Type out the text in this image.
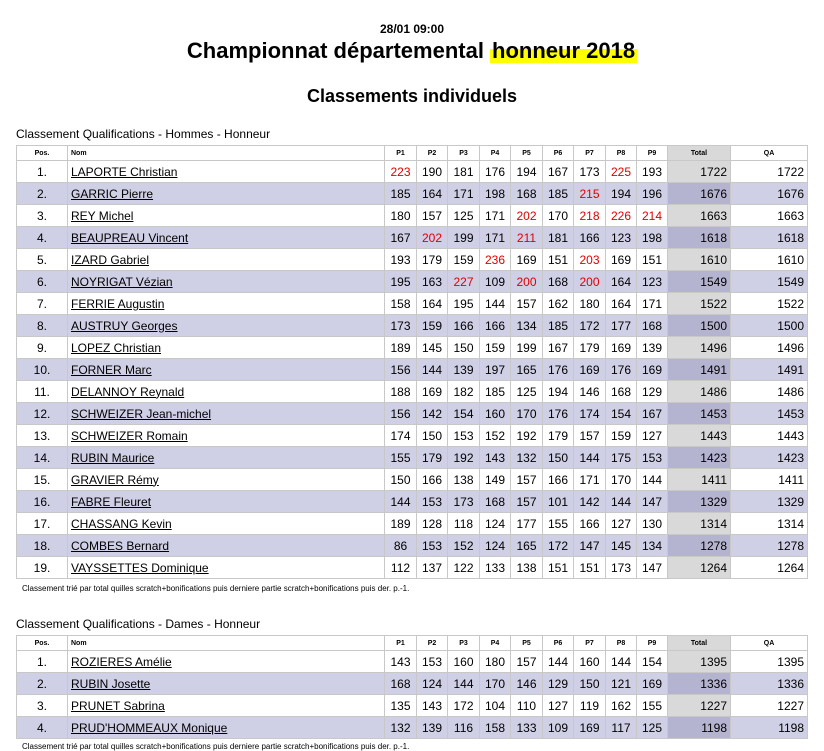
28/01 09:00
Championnat départemental honneur 2018
Classements individuels
Classement Qualifications - Hommes - Honneur
Pos.	Nom	P1	P2	P3	P4	P5	P6	P7	P8	P9	Total	QA
1.	LAPORTE Christian	223	190	181	176	194	167	173	225	193	1722	1722
2.	GARRIC Pierre	185	164	171	198	168	185	215	194	196	1676	1676
3.	REY Michel	180	157	125	171	202	170	218	226	214	1663	1663
4.	BEAUPREAU Vincent	167	202	199	171	211	181	166	123	198	1618	1618
5.	IZARD Gabriel	193	179	159	236	169	151	203	169	151	1610	1610
6.	NOYRIGAT Vézian	195	163	227	109	200	168	200	164	123	1549	1549
7.	FERRIE Augustin	158	164	195	144	157	162	180	164	171	1522	1522
8.	AUSTRUY Georges	173	159	166	166	134	185	172	177	168	1500	1500
9.	LOPEZ Christian	189	145	150	159	199	167	179	169	139	1496	1496
10.	FORNER Marc	156	144	139	197	165	176	169	176	169	1491	1491
11.	DELANNOY Reynald	188	169	182	185	125	194	146	168	129	1486	1486
12.	SCHWEIZER Jean-michel	156	142	154	160	170	176	174	154	167	1453	1453
13.	SCHWEIZER Romain	174	150	153	152	192	179	157	159	127	1443	1443
14.	RUBIN Maurice	155	179	192	143	132	150	144	175	153	1423	1423
15.	GRAVIER Rémy	150	166	138	149	157	166	171	170	144	1411	1411
16.	FABRE Fleuret	144	153	173	168	157	101	142	144	147	1329	1329
17.	CHASSANG Kevin	189	128	118	124	177	155	166	127	130	1314	1314
18.	COMBES Bernard	86	153	152	124	165	172	147	145	134	1278	1278
19.	VAYSSETTES Dominique	112	137	122	133	138	151	151	173	147	1264	1264
Classement trié par total quilles scratch+bonifications puis derniere partie scratch+bonifications puis der. p.-1.
Classement Qualifications - Dames - Honneur
Pos.	Nom	P1	P2	P3	P4	P5	P6	P7	P8	P9	Total	QA
1.	ROZIERES Amélie	143	153	160	180	157	144	160	144	154	1395	1395
2.	RUBIN Josette	168	124	144	170	146	129	150	121	169	1336	1336
3.	PRUNET Sabrina	135	143	172	104	110	127	119	162	155	1227	1227
4.	PRUD'HOMMEAUX Monique	132	139	116	158	133	109	169	117	125	1198	1198
Classement trié par total quilles scratch+bonifications puis derniere partie scratch+bonifications puis der. p.-1.
